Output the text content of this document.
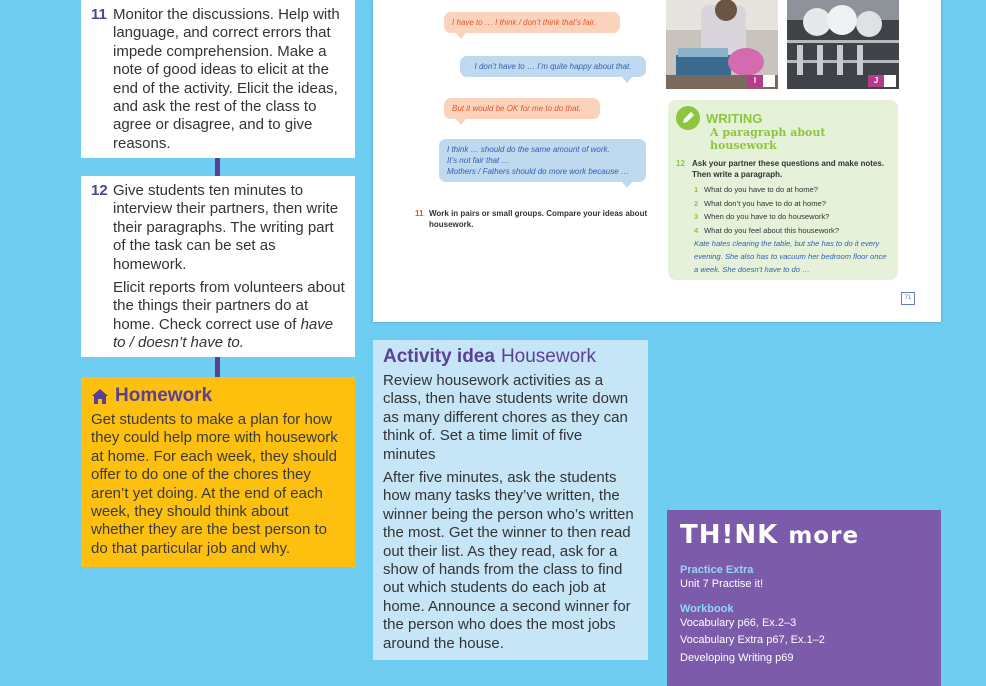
11 Monitor the discussions. Help with language, and correct errors that impede comprehension. Make a note of good ideas to elicit at the end of the activity. Elicit the ideas, and ask the rest of the class to agree or disagree, and to give reasons.
12 Give students ten minutes to interview their partners, then write their paragraphs. The writing part of the task can be set as homework.

Elicit reports from volunteers about the things their partners do at home. Check correct use of have to / doesn’t have to.

Homework
Get students to make a plan for how they could help more with housework at home. For each week, they should offer to do one of the chores they aren’t yet doing. At the end of each week, they should think about whether they are the best person to do that particular job and why.
Activity idea Housework

Review housework activities as a class, then have students write down as many different chores as they can think of. Set a time limit of five minutes

After five minutes, ask the students how many tasks they’ve written, the winner being the person who’s written the most. Get the winner to then read out their list. As they read, ask for a show of hands from the class to find out which students do each job at home. Announce a second winner for the person who does the most jobs around the house.

I have to … I think / don’t think that’s fair.
I don’t have to … I’m quite happy about that.
But it would be OK for me to do that.
I think … should do the same amount of work.
It’s not fair that …
Mothers / Fathers should do more work because …
11 Work in pairs or small groups. Compare your ideas about housework.
I	J
WRITING
A paragraph about housework
12 Ask your partner these questions and make notes. Then write a paragraph.
1 What do you have to do at home?
2 What don’t you have to do at home?
3 When do you have to do housework?
4 What do you feel about this housework?
Kate hates clearing the table, but she has to do it every evening. She also has to vacuum her bedroom floor once a week. She doesn’t have to do …
71
TH!NK more
Practice Extra
Unit 7 Practise it!
Workbook
Vocabulary p66, Ex.2–3
Vocabulary Extra p67, Ex.1–2
Developing Writing p69
